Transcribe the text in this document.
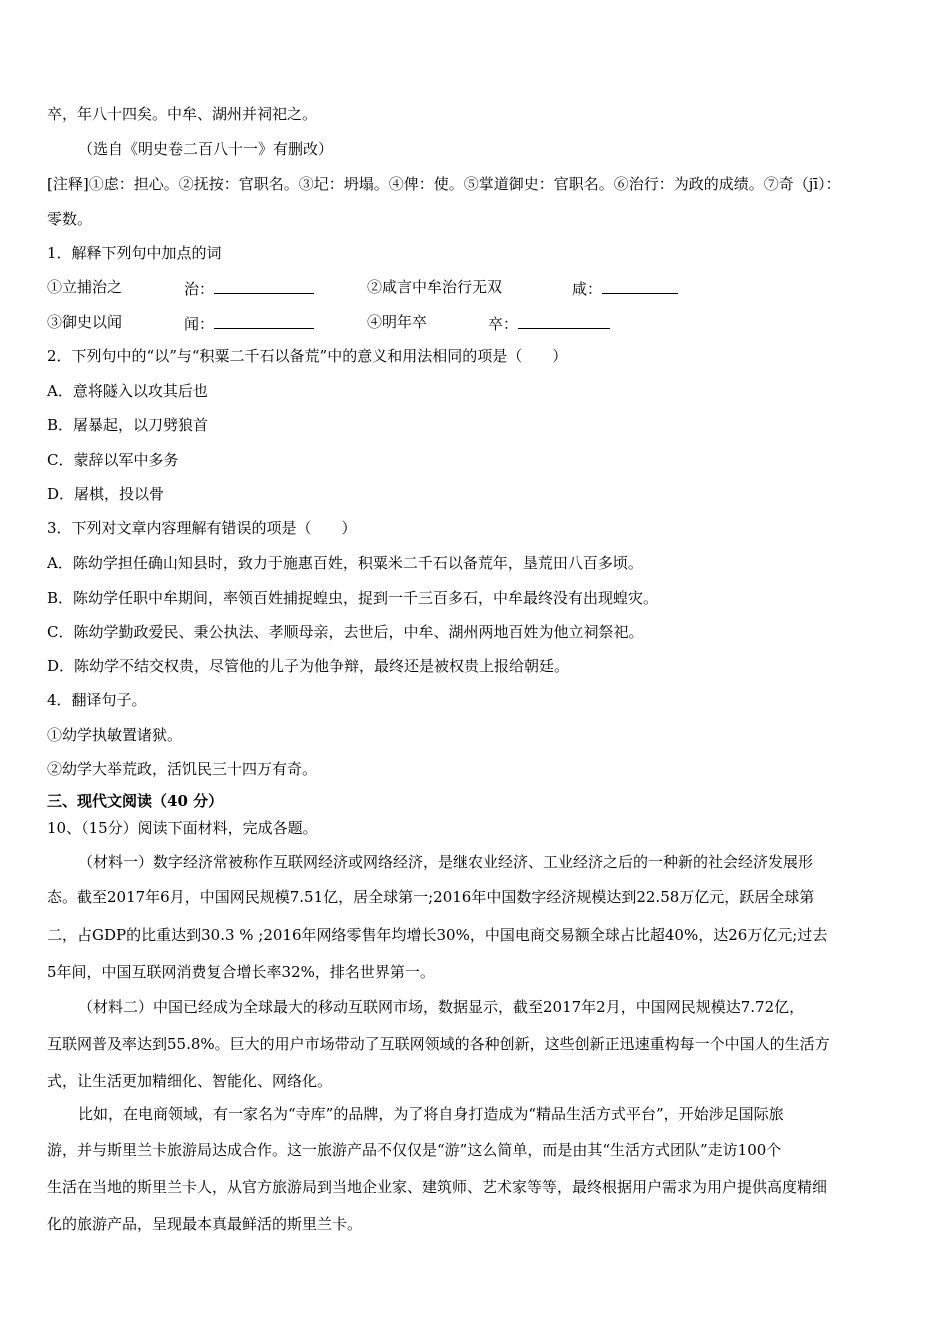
卒，年八十四矣。中牟、湖州并祠祀之。
（选自《明史卷二百八十一》有删改）
[注释]①虑：担心。②抚按：官职名。③圮：坍塌。④俾：使。⑤掌道御史：官职名。⑥治行：为政的成绩。⑦奇（jī）：
零数。
1．解释下列句中加点的词
①立捕治之	治：	②咸言中牟治行无双	咸：
③御史以闻	闻：	④明年卒	卒：
2．下列句中的“以”与“积粟二千石以备荒”中的意义和用法相同的项是（　　）
A．意将隧入以攻其后也
B．屠暴起，以刀劈狼首
C．蒙辞以军中多务
D．屠棋，投以骨
3．下列对文章内容理解有错误的项是（　　）
A．陈幼学担任确山知县时，致力于施惠百姓，积粟米二千石以备荒年，垦荒田八百多顷。
B．陈幼学任职中牟期间，率领百姓捕捉蝗虫，捉到一千三百多石，中牟最终没有出现蝗灾。
C．陈幼学勤政爱民、秉公执法、孝顺母亲，去世后，中牟、湖州两地百姓为他立祠祭祀。
D．陈幼学不结交权贵，尽管他的儿子为他争辩，最终还是被权贵上报给朝廷。
4．翻译句子。
①幼学执敏置诸狱。
②幼学大举荒政，活饥民三十四万有奇。
三、现代文阅读（40 分）
10、（15分）阅读下面材料，完成各题。
（材料一）数字经济常被称作互联网经济或网络经济，是继农业经济、工业经济之后的一种新的社会经济发展形
态。截至2017年6月，中国网民规模7.51亿，居全球第一;2016年中国数字经济规模达到22.58万亿元，跃居全球第
二，占GDP的比重达到30.3 % ;2016年网络零售年均增长30%，中国电商交易额全球占比超40%，达26万亿元;过去
5年间，中国互联网消费复合增长率32%，排名世界第一。
（材料二）中国已经成为全球最大的移动互联网市场，数据显示，截至2017年2月，中国网民规模达7.72亿，
互联网普及率达到55.8%。巨大的用户市场带动了互联网领域的各种创新，这些创新正迅速重构每一个中国人的生活方
式，让生活更加精细化、智能化、网络化。
比如，在电商领域，有一家名为“寺库”的品牌，为了将自身打造成为“精品生活方式平台”，开始涉足国际旅
游，并与斯里兰卡旅游局达成合作。这一旅游产品不仅仅是“游”这么简单，而是由其“生活方式团队”走访100个
生活在当地的斯里兰卡人，从官方旅游局到当地企业家、建筑师、艺术家等等，最终根据用户需求为用户提供高度精细
化的旅游产品，呈现最本真最鲜活的斯里兰卡。
